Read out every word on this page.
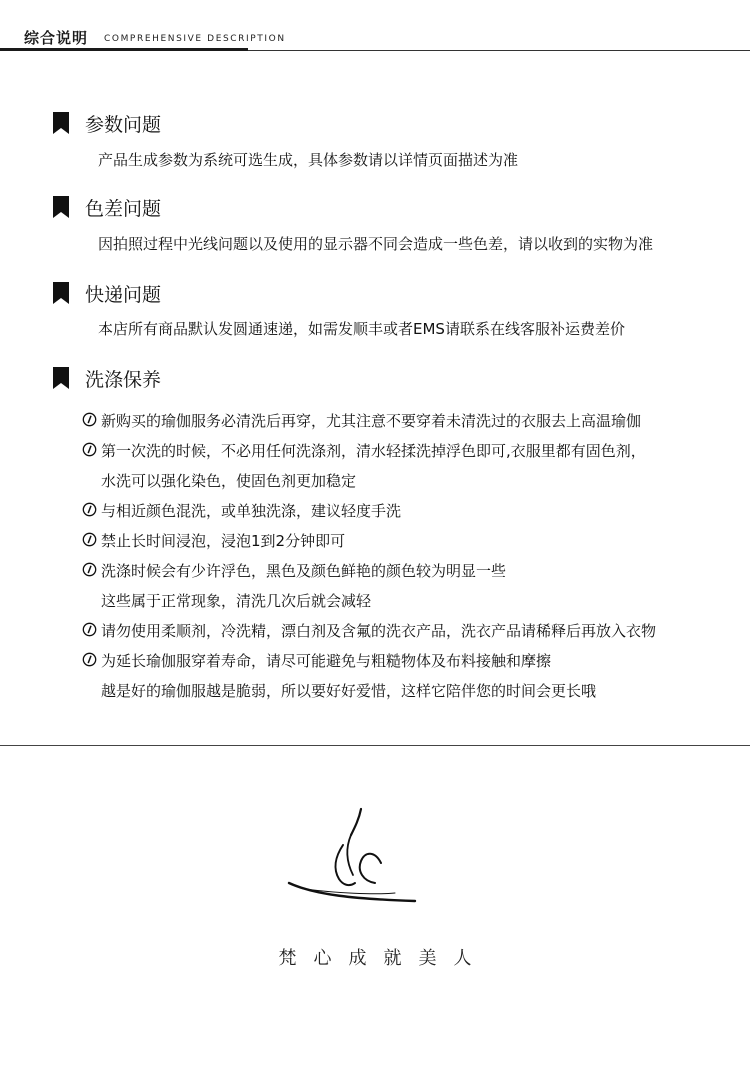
综合说明 COMPREHENSIVE DESCRIPTION
参数问题
产品生成参数为系统可选生成，具体参数请以详情页面描述为准
色差问题
因拍照过程中光线问题以及使用的显示器不同会造成一些色差，请以收到的实物为准
快递问题
本店所有商品默认发圆通速递，如需发顺丰或者EMS请联系在线客服补运费差价
洗涤保养
新购买的瑜伽服务必清洗后再穿，尤其注意不要穿着未清洗过的衣服去上高温瑜伽
第一次洗的时候，不必用任何洗涤剂，清水轻揉洗掉浮色即可,衣服里都有固色剂，
水洗可以强化染色，使固色剂更加稳定
与相近颜色混洗，或单独洗涤，建议轻度手洗
禁止长时间浸泡，浸泡1到2分钟即可
洗涤时候会有少许浮色，黑色及颜色鲜艳的颜色较为明显一些
这些属于正常现象，清洗几次后就会减轻
请勿使用柔顺剂，冷洗精，漂白剂及含氟的洗衣产品，洗衣产品请稀释后再放入衣物
为延长瑜伽服穿着寿命，请尽可能避免与粗糙物体及布料接触和摩擦
越是好的瑜伽服越是脆弱，所以要好好爱惜，这样它陪伴您的时间会更长哦
梵心成就美人
